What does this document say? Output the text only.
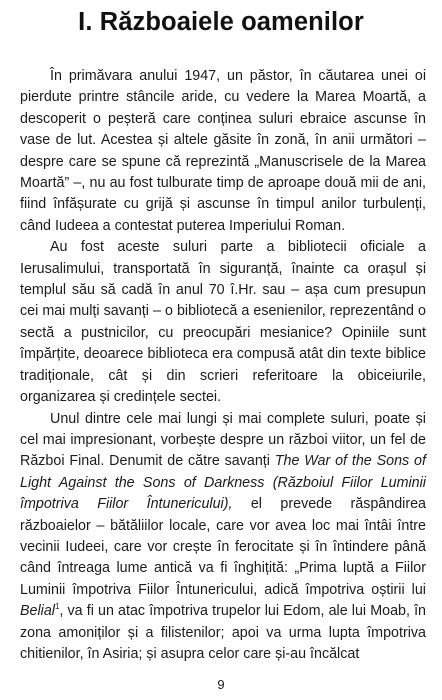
I. Războaiele oamenilor

În primăvara anului 1947, un păstor, în căutarea unei oi pierdute printre stâncile aride, cu vedere la Marea Moartă, a descoperit o peșteră care conținea suluri ebraice ascunse în vase de lut. Acestea și altele găsite în zonă, în anii următori – despre care se spune că reprezintă „Manuscrisele de la Marea Moartă” –, nu au fost tulburate timp de aproape două mii de ani, fiind înfășurate cu grijă și ascunse în timpul anilor turbulenți, când Iudeea a contestat puterea Imperiului Roman.

Au fost aceste suluri parte a bibliotecii oficiale a Ierusalimului, transportată în siguranță, înainte ca orașul și templul său să cadă în anul 70 î.Hr. sau – așa cum presupun cei mai mulți savanți – o bibliotecă a esenienilor, reprezentând o sectă a pustnicilor, cu preocupări mesianice? Opiniile sunt împărțite, deoarece biblioteca era compusă atât din texte biblice tradiționale, cât și din scrieri referitoare la obiceiurile, organizarea și credințele sectei.

Unul dintre cele mai lungi și mai complete suluri, poate și cel mai impresionant, vorbește despre un război viitor, un fel de Război Final. Denumit de către savanți The War of the Sons of Light Against the Sons of Darkness (Războiul Fiilor Luminii împotriva Fiilor Întunericului), el prevede răspândirea războaielor – bătăliilor locale, care vor avea loc mai întâi între vecinii Iudeei, care vor crește în ferocitate și în întindere până când întreaga lume antică va fi înghițită: „Prima luptă a Fiilor Luminii împotriva Fiilor Întunericului, adică împotriva oștirii lui Belial$^1$, va fi un atac împotriva trupelor lui Edom, ale lui Moab, în zona amoniților și a filistenilor; apoi va urma lupta împotriva chitienilor, în Asiria; și asupra celor care și-au încălcat

9
